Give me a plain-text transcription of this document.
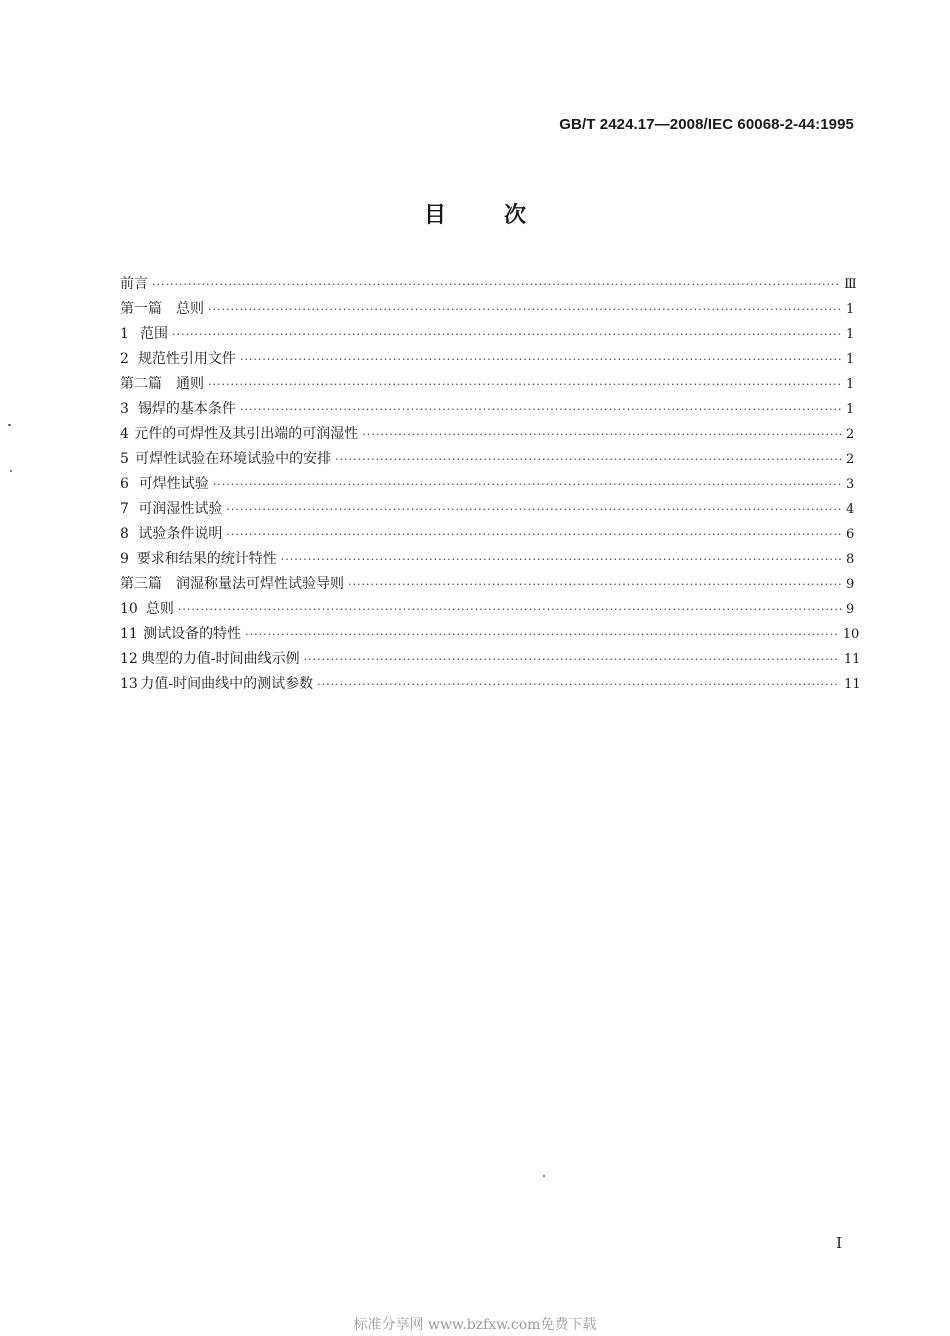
GB/T 2424.17—2008/IEC 60068-2-44:1995
目次
前言 ·····	Ⅲ
第一篇　总则 ·····	1
1 范围 ·····	1
2 规范性引用文件 ·····	1
第二篇　通则 ·····	1
3 锡焊的基本条件 ·····	1
4 元件的可焊性及其引出端的可润湿性 ·····	2
5 可焊性试验在环境试验中的安排 ·····	2
6 可焊性试验 ·····	3
7 可润湿性试验 ·····	4
8 试验条件说明 ·····	6
9 要求和结果的统计特性 ·····	8
第三篇　润湿称量法可焊性试验导则 ·····	9
10 总则 ·····	9
11 测试设备的特性 ·····	10
12 典型的力值-时间曲线示例 ·····	11
13 力值-时间曲线中的测试参数 ·····	11
I
标准分享网 www.bzfxw.com免费下载
